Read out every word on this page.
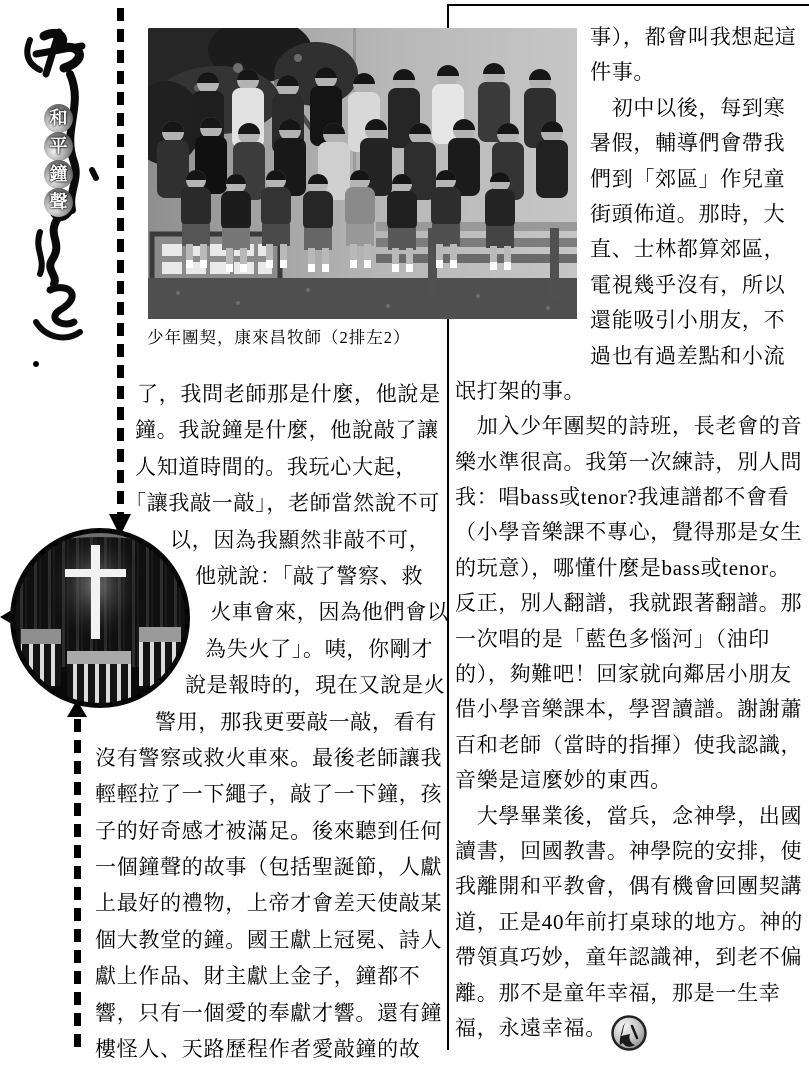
和
平
鐘
聲
少年團契，康來昌牧師（2排左2）
了，我問老師那是什麼，他說是
鐘。我說鐘是什麼，他說敲了讓
人知道時間的。我玩心大起，
「讓我敲一敲」，老師當然說不可
以，因為我顯然非敲不可，
他就說：「敲了警察、救
火車會來，因為他們會以
為失火了」。咦，你剛才
說是報時的，現在又說是火
警用，那我更要敲一敲，看有
沒有警察或救火車來。最後老師讓我
輕輕拉了一下繩子，敲了一下鐘，孩
子的好奇感才被滿足。後來聽到任何
一個鐘聲的故事（包括聖誕節，人獻
上最好的禮物，上帝才會差天使敲某
個大教堂的鐘。國王獻上冠冕、詩人
獻上作品、財主獻上金子，鐘都不
響，只有一個愛的奉獻才響。還有鐘
樓怪人、天路歷程作者愛敲鐘的故
事），都會叫我想起這
件事。
　初中以後，每到寒
暑假，輔導們會帶我
們到「郊區」作兒童
街頭佈道。那時，大
直、士林都算郊區，
電視幾乎沒有，所以
還能吸引小朋友，不
過也有過差點和小流
氓打架的事。
　加入少年團契的詩班，長老會的音
樂水準很高。我第一次練詩，別人問
我：唱bass或tenor?我連譜都不會看
（小學音樂課不專心，覺得那是女生
的玩意），哪懂什麼是bass或tenor。
反正，別人翻譜，我就跟著翻譜。那
一次唱的是「藍色多惱河」（油印
的），夠難吧！回家就向鄰居小朋友
借小學音樂課本，學習讀譜。謝謝蕭
百和老師（當時的指揮）使我認識，
音樂是這麼妙的東西。
　大學畢業後，當兵，念神學，出國
讀書，回國教書。神學院的安排，使
我離開和平教會，偶有機會回團契講
道，正是40年前打桌球的地方。神的
帶領真巧妙，童年認識神，到老不偏
離。那不是童年幸福，那是一生幸
福，永遠幸福。
